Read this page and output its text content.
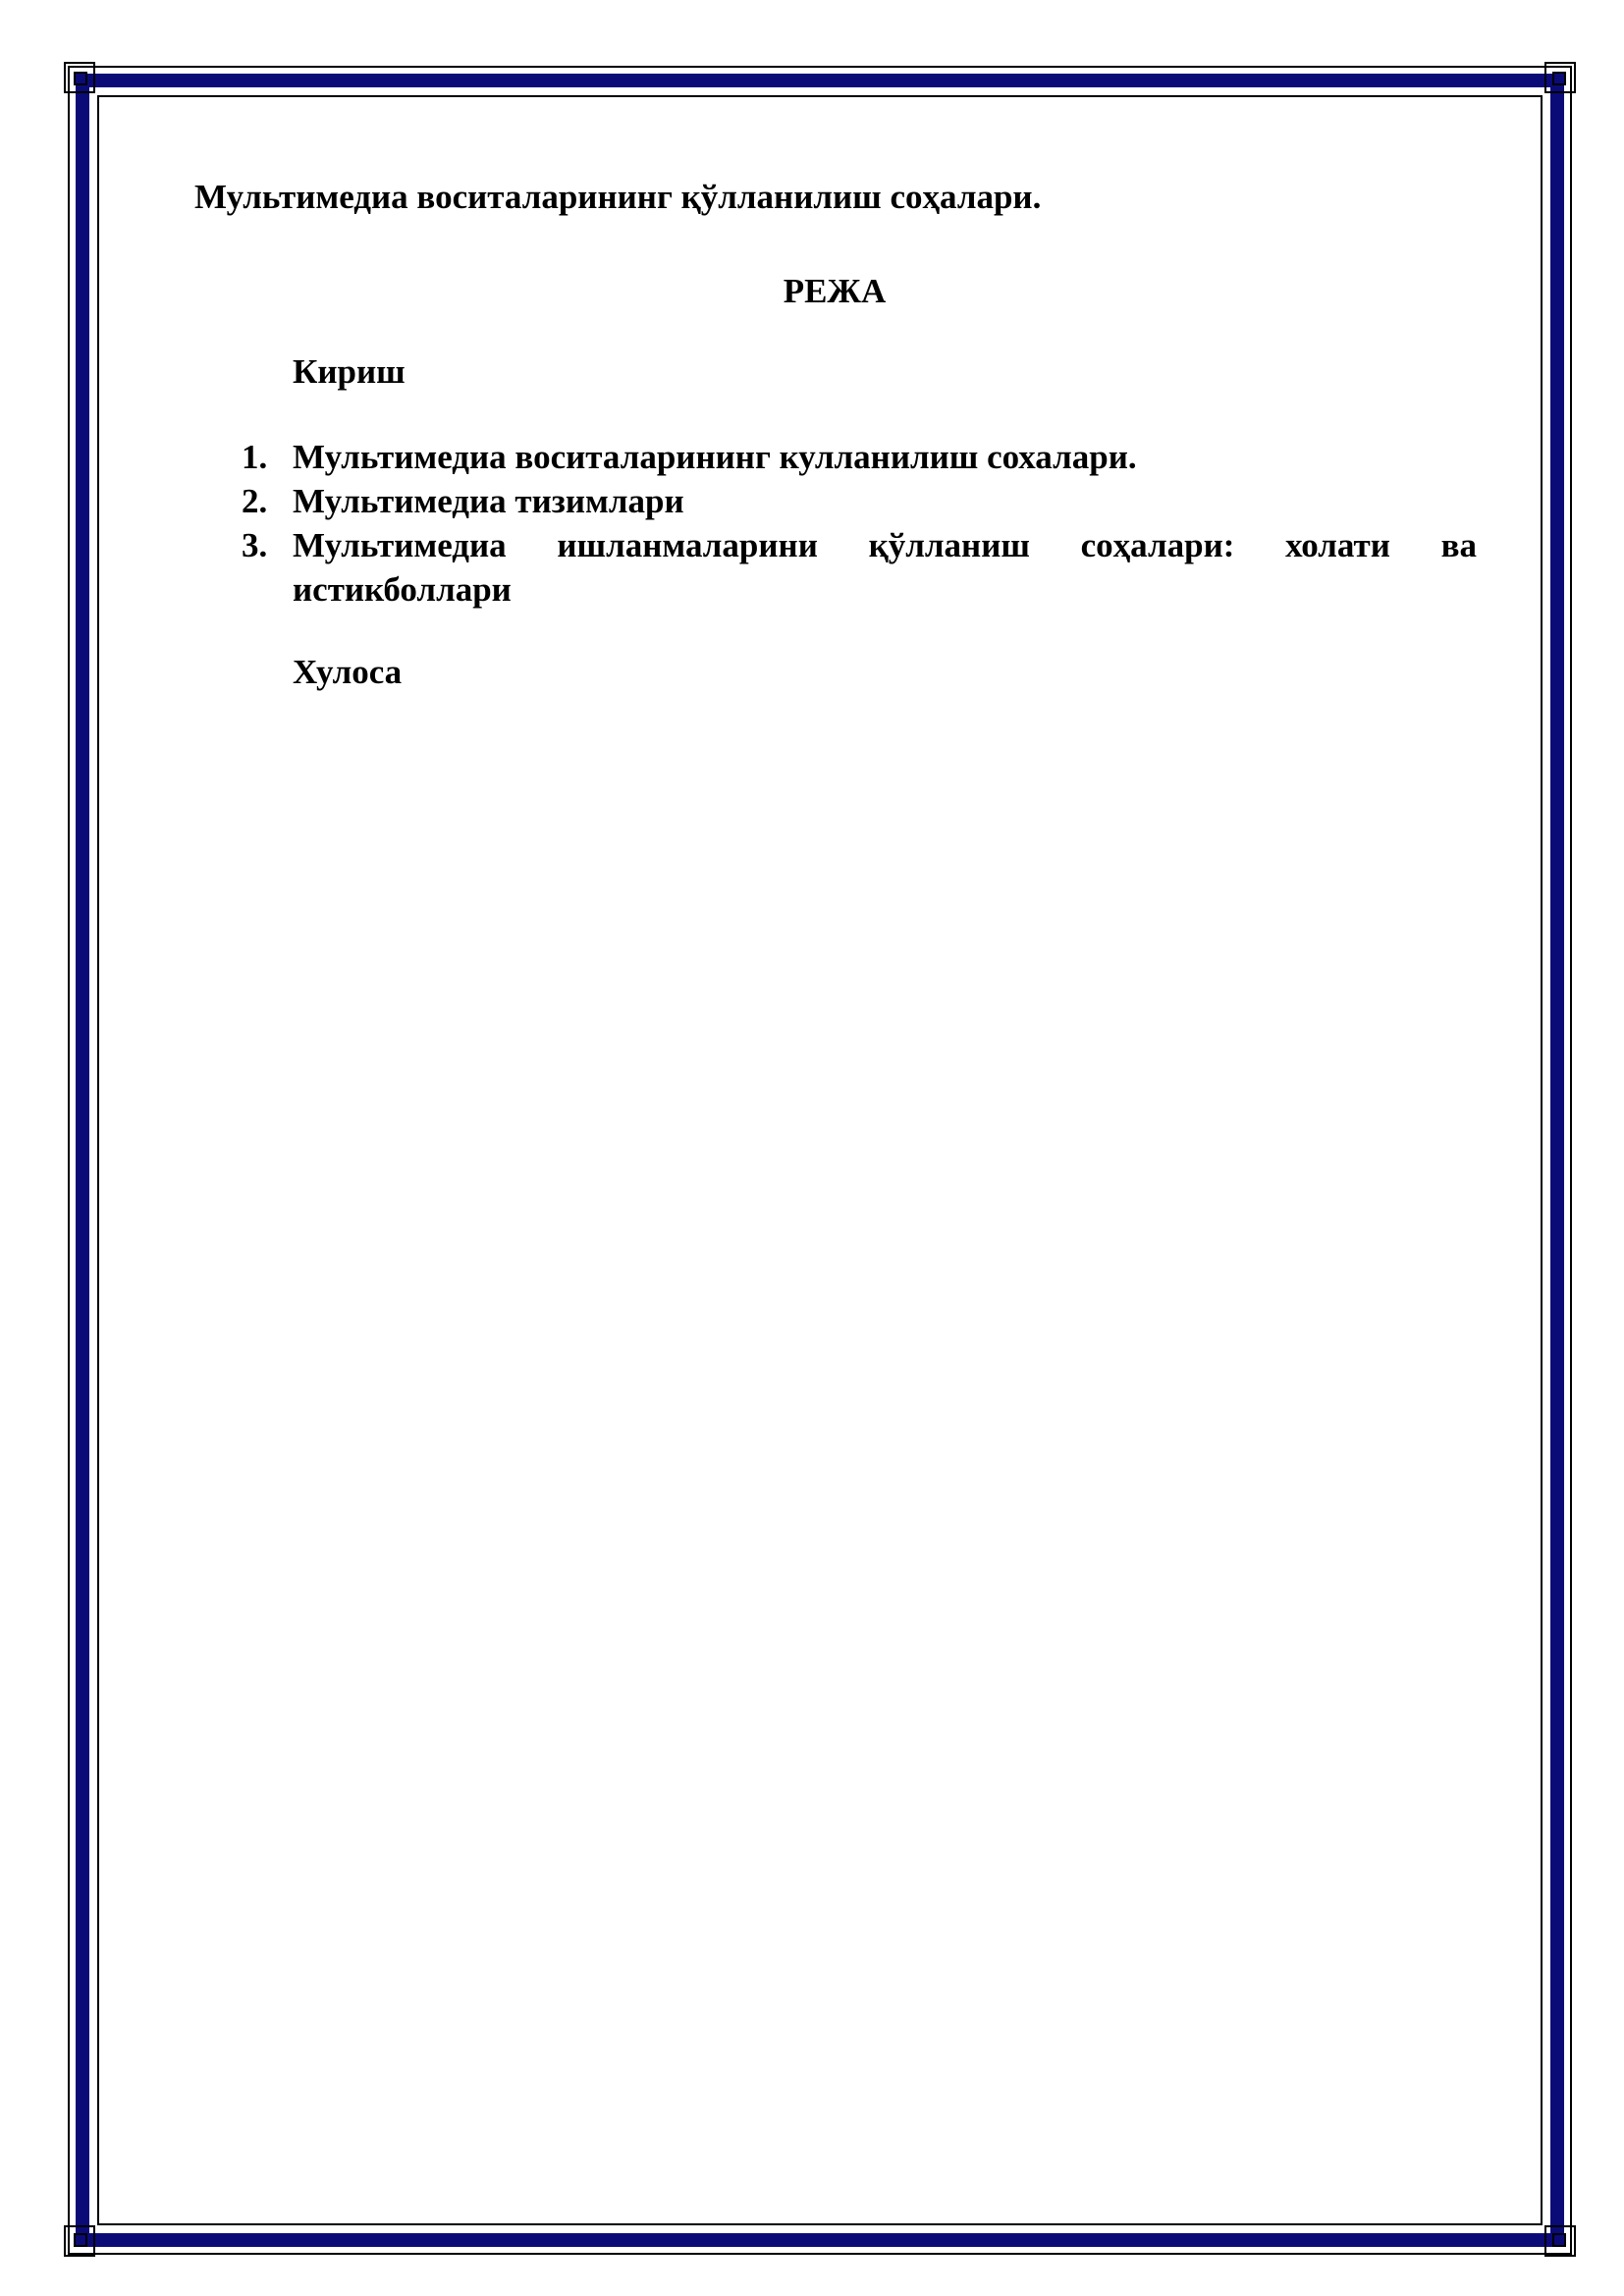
Мультимедиа воситаларининг қўлланилиш соҳалари.
РЕЖА
Кириш
1. Мультимедиа воситаларининг кулланилиш сохалари.
2. Мультимедиа тизимлари
3. Мультимедиа ишланмаларини қўлланиш соҳалари: холати ва истикболлари
Хулоса
